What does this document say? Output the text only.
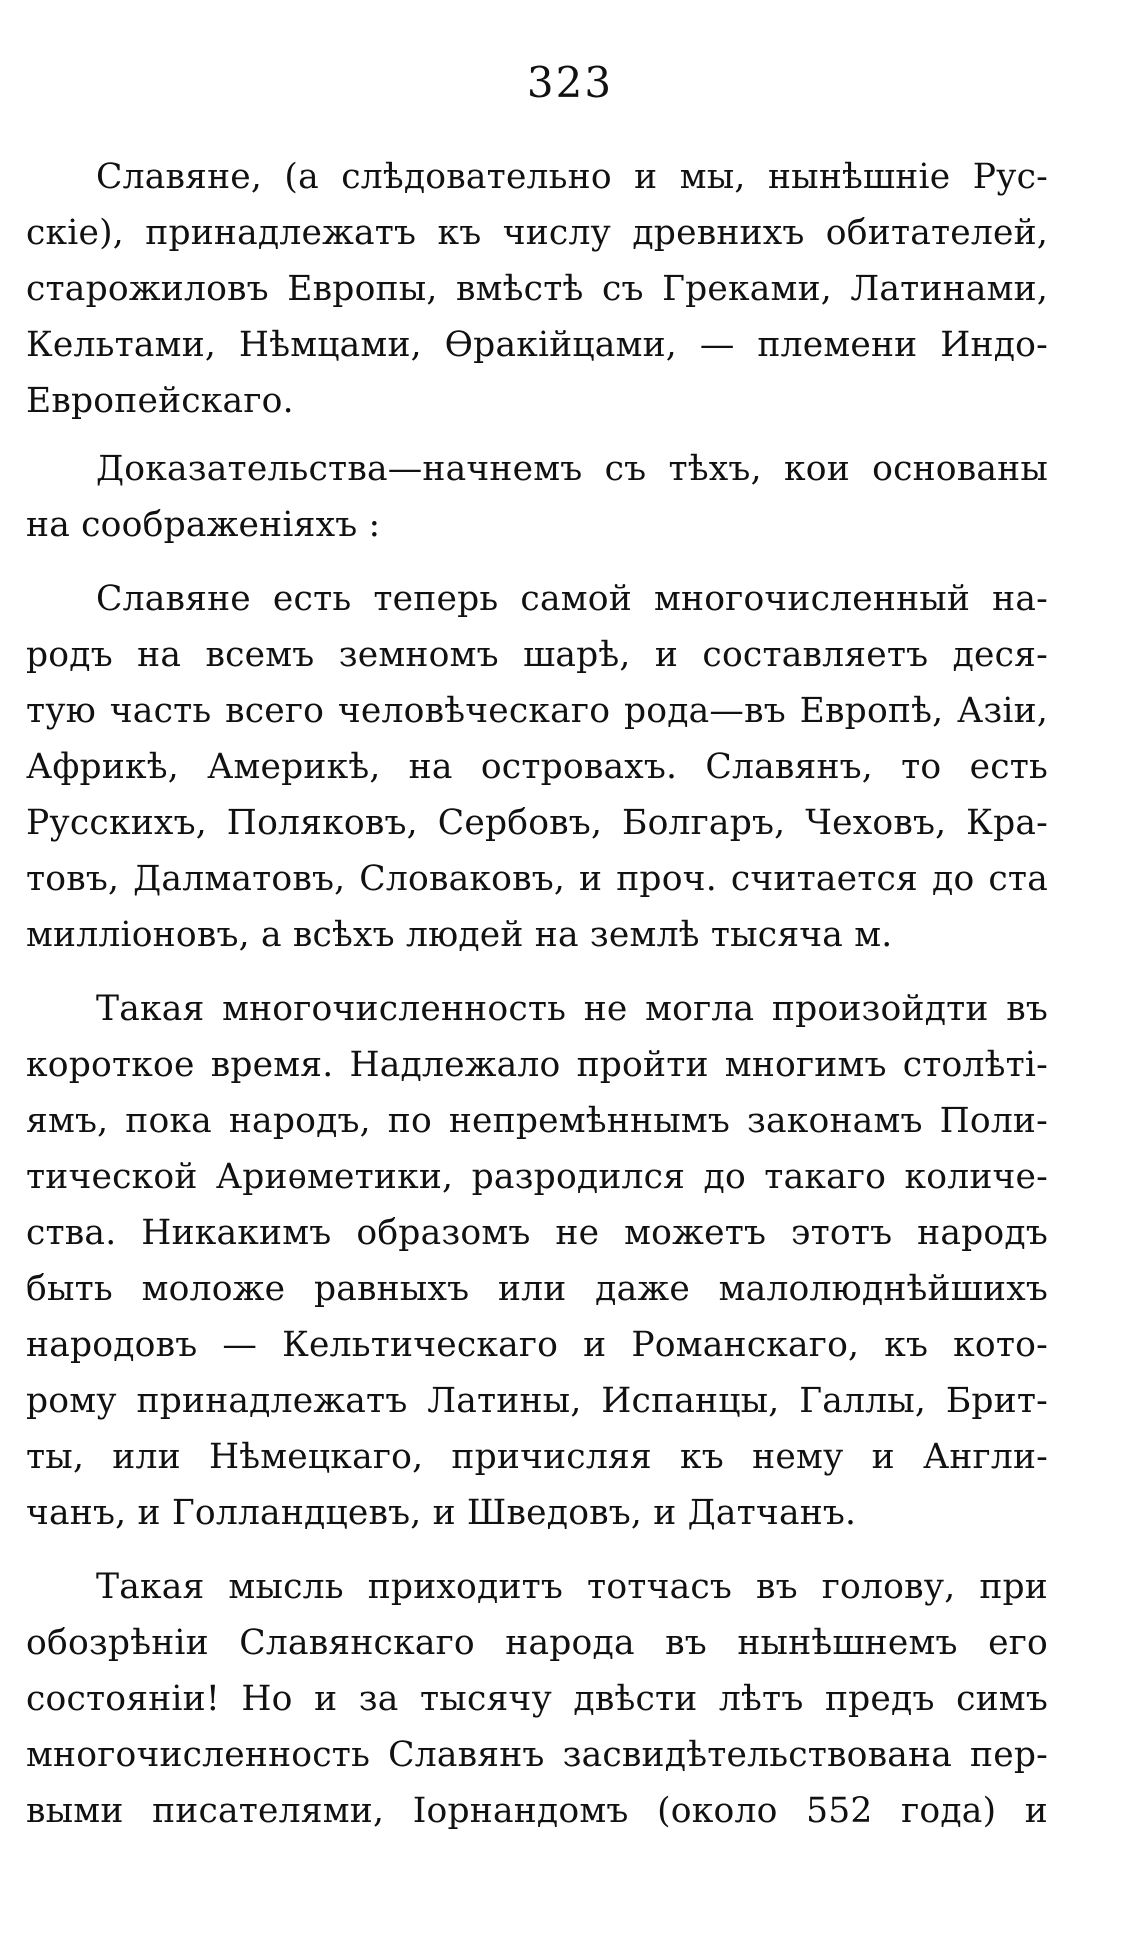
323
Славяне, (а слѣдовательно и мы, нынѣшніе Рус-
скіе), принадлежатъ къ числу древнихъ обитателей,
старожиловъ Европы, вмѣстѣ съ Греками, Латинами,
Кельтами, Нѣмцами, Ѳракійцами, — племени Индо-
Европейскаго.
Доказательства—начнемъ съ тѣхъ, кои основаны
на соображеніяхъ :
Славяне есть теперь самой многочисленный на-
родъ на всемъ земномъ шарѣ, и составляетъ деся-
тую часть всего человѣческаго рода—въ Европѣ, Азіи,
Африкѣ, Америкѣ, на островахъ. Славянъ, то есть
Русскихъ, Поляковъ, Сербовъ, Болгаръ, Чеховъ, Кра-
товъ, Далматовъ, Словаковъ, и проч. считается до ста
милліоновъ, а всѣхъ людей на землѣ тысяча м.
Такая многочисленность не могла произойдти въ
короткое время. Надлежало пройти многимъ столѣті-
ямъ, пока народъ, по непремѣннымъ законамъ Поли-
тической Ариѳметики, разродился до такаго количе-
ства. Никакимъ образомъ не можетъ этотъ народъ
быть моложе равныхъ или даже малолюднѣйшихъ
народовъ — Кельтическаго и Романскаго, къ кото-
рому принадлежатъ Латины, Испанцы, Галлы, Брит-
ты, или Нѣмецкаго, причисляя къ нему и Англи-
чанъ, и Голландцевъ, и Шведовъ, и Датчанъ.
Такая мысль приходитъ тотчасъ въ голову, при
обозрѣніи Славянскаго народа въ нынѣшнемъ его
состояніи! Но и за тысячу двѣсти лѣтъ предъ симъ
многочисленность Славянъ засвидѣтельствована пер-
выми писателями, Іорнандомъ (около 552 года) и
